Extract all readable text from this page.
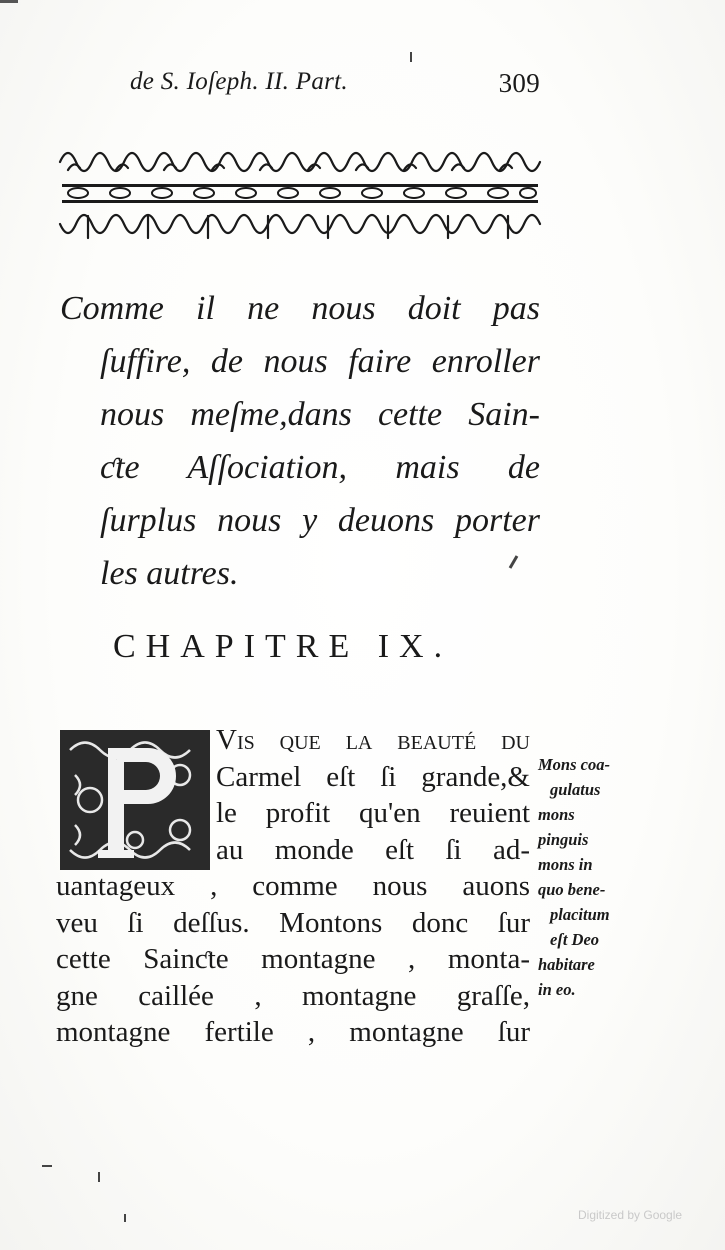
de S. Ioſeph. II. Part.	309
Comme il ne nous doit pas
ſuffire, de nous faire enroller
nous meſme,dans cette Sain-
ƈte Aſſociation, mais de
ſurplus nous y deuons porter
les autres.
CHAPITRE IX.
P
Vis que la beauté du
Carmel eſt ſi grande,&
le profit qu'en reuient
au monde eſt ſi ad-
uantageux , comme nous auons
veu ſi deſſus. Montons donc ſur
cette Sainƈte montagne , monta-
gne caillée , montagne graſſe,
montagne fertile , montagne ſur
Mons coa-
gulatus
mons
pinguis
mons in
quo bene-
placitum
eſt Deo
habitare
in eo.
Digitized by Google
